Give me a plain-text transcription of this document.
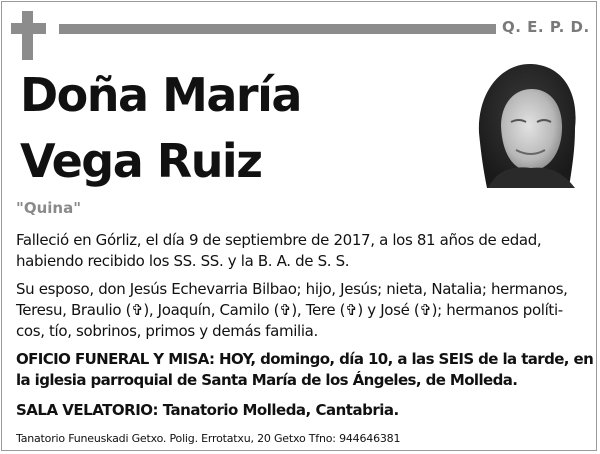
Q. E. P. D.
Doña María
Vega Ruiz
"Quina"
Falleció en Górliz, el día 9 de septiembre de 2017, a los 81 años de edad,
habiendo recibido los SS. SS. y la B. A. de S. S.
Su esposo, don Jesús Echevarria Bilbao; hijo, Jesús; nieta, Natalia; hermanos,
Teresu, Braulio (✞), Joaquín, Camilo (✞), Tere (✞) y José (✞); hermanos políti-
cos, tío, sobrinos, primos y demás familia.
OFICIO FUNERAL Y MISA: HOY, domingo, día 10, a las SEIS de la tarde, en
la iglesia parroquial de Santa María de los Ángeles, de Molleda.
SALA VELATORIO: Tanatorio Molleda, Cantabria.
Tanatorio Funeuskadi Getxo. Polig. Errotatxu, 20 Getxo Tfno: 944646381
